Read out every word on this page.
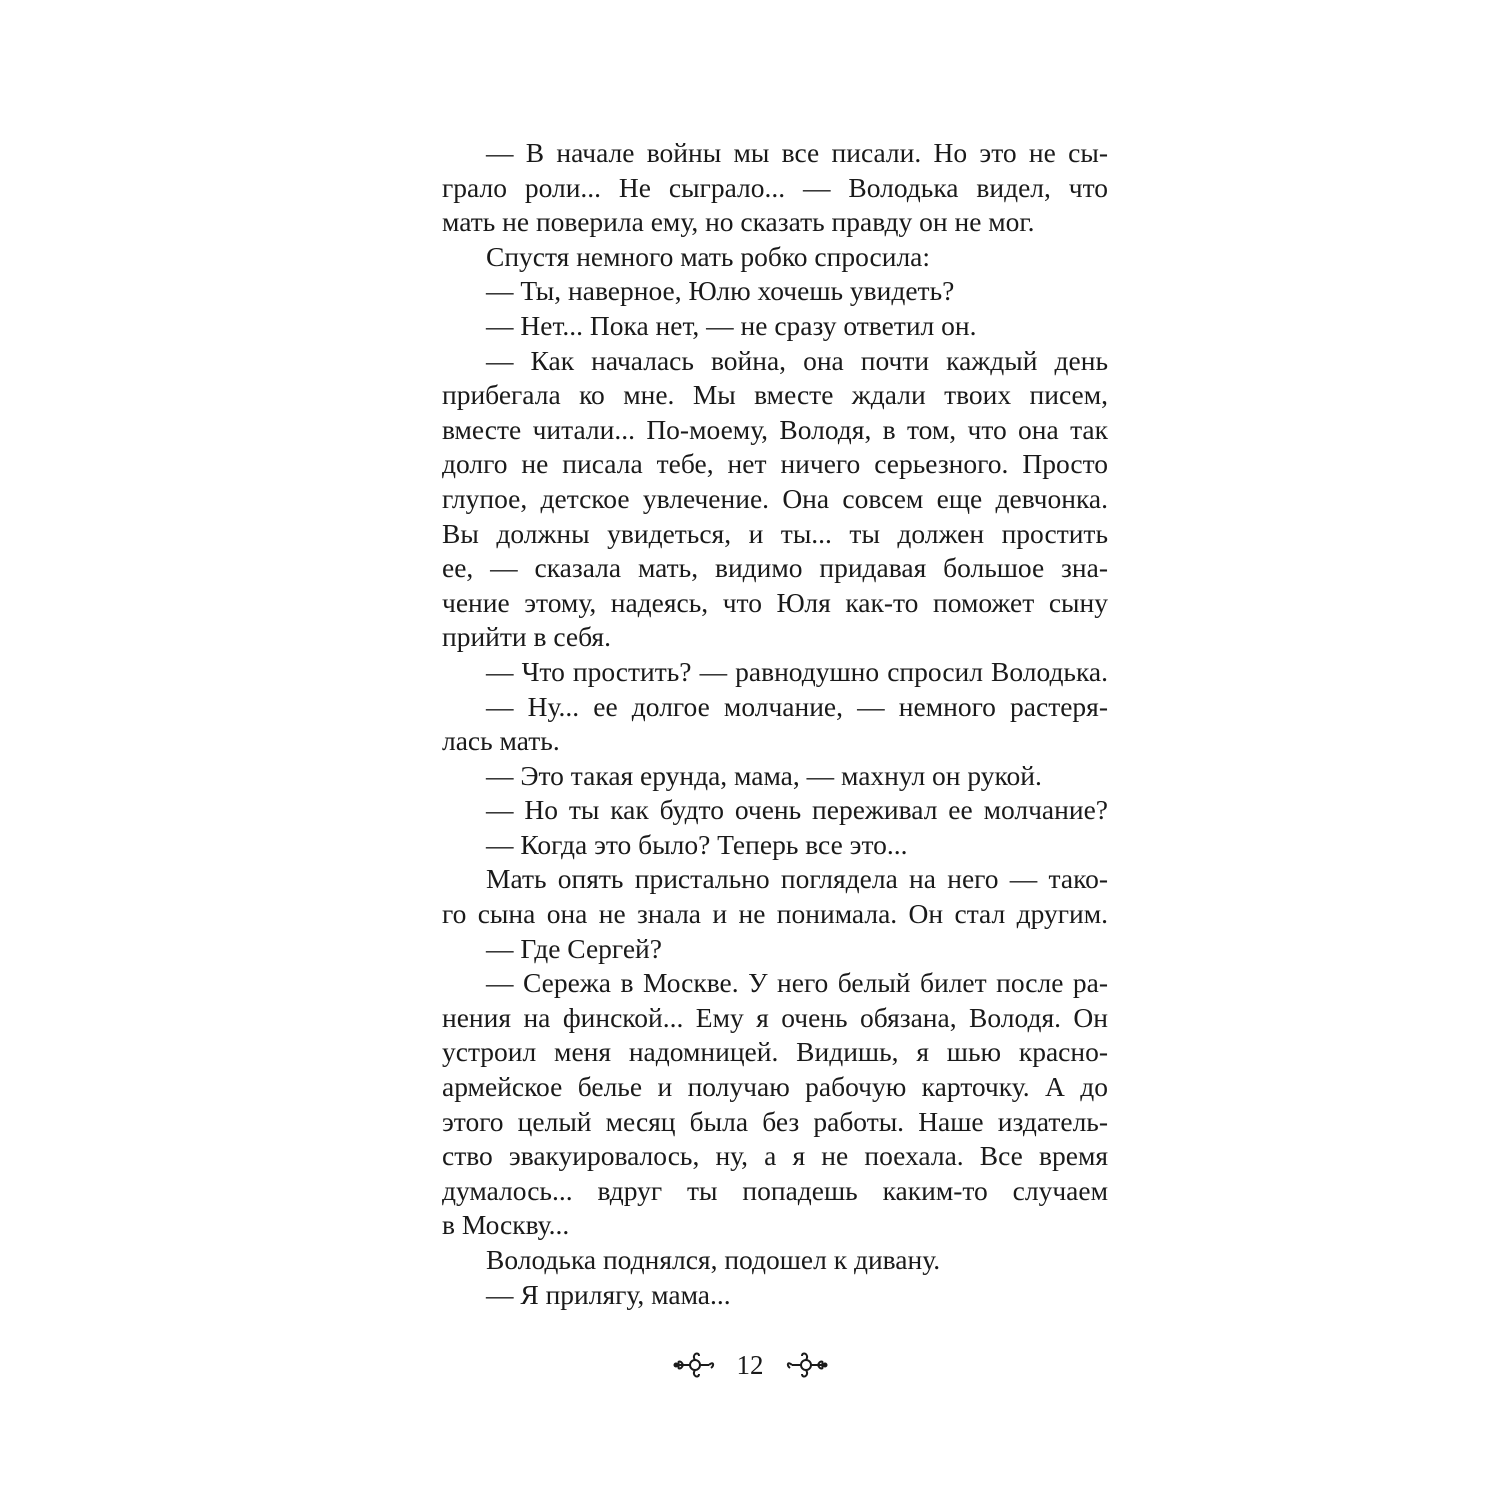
— В начале войны мы все писали. Но это не сы-
грало роли... Не сыграло... — Володька видел, что
мать не поверила ему, но сказать правду он не мог.
Спустя немного мать робко спросила:
— Ты, наверное, Юлю хочешь увидеть?
— Нет... Пока нет, — не сразу ответил он.
— Как началась война, она почти каждый день
прибегала ко мне. Мы вместе ждали твоих писем,
вместе читали... По-моему, Володя, в том, что она так
долго не писала тебе, нет ничего серьезного. Просто
глупое, детское увлечение. Она совсем еще девчонка.
Вы должны увидеться, и ты... ты должен простить
ее, — сказала мать, видимо придавая большое зна-
чение этому, надеясь, что Юля как-то поможет сыну
прийти в себя.
— Что простить? — равнодушно спросил Володька.
— Ну... ее долгое молчание, — немного растеря-
лась мать.
— Это такая ерунда, мама, — махнул он рукой.
— Но ты как будто очень переживал ее молчание?
— Когда это было? Теперь все это...
Мать опять пристально поглядела на него — тако-
го сына она не знала и не понимала. Он стал другим.
— Где Сергей?
— Сережа в Москве. У него белый билет после ра-
нения на финской... Ему я очень обязана, Володя. Он
устроил меня надомницей. Видишь, я шью красно-
армейское белье и получаю рабочую карточку. А до
этого целый месяц была без работы. Наше издатель-
ство эвакуировалось, ну, а я не поехала. Все время
думалось... вдруг ты попадешь каким-то случаем
в Москву...
Володька поднялся, подошел к дивану.
— Я прилягу, мама...
12
